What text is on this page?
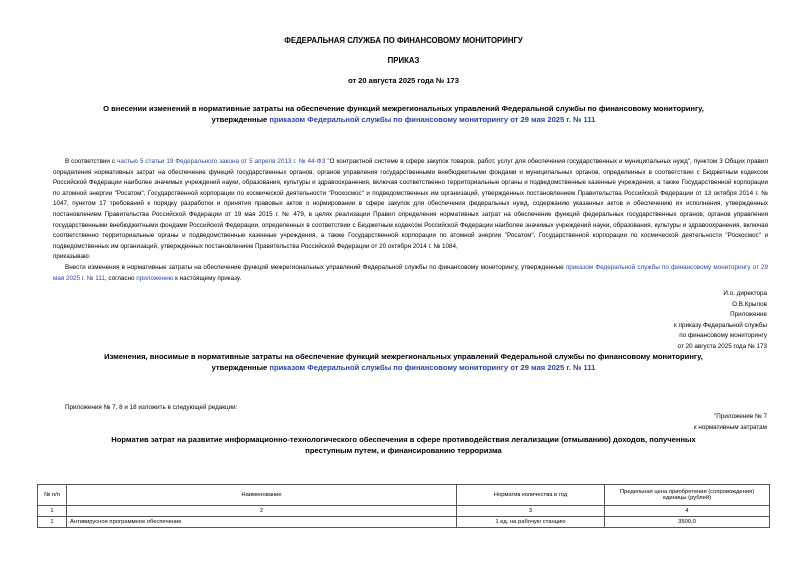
ФЕДЕРАЛЬНАЯ СЛУЖБА ПО ФИНАНСОВОМУ МОНИТОРИНГУ
ПРИКАЗ
от 20 августа 2025 года № 173
О внесении изменений в нормативные затраты на обеспечение функций межрегиональных управлений Федеральной службы по финансовому мониторингу,
утвержденные приказом Федеральной службы по финансовому мониторингу от 29 мая 2025 г. № 111

В соответствии с частью 5 статьи 19 Федерального закона от 5 апреля 2013 г. № 44-ФЗ "О контрактной системе в сфере закупок товаров, работ, услуг для обеспечения государственных и муниципальных нужд", пунктом 3 Общих правил определения нормативных затрат на обеспечение функций государственных органов, органов управления государственными внебюджетными фондами и муниципальных органов, определенных в соответствии с Бюджетным кодексом Российской Федерации наиболее значимых учреждений науки, образования, культуры и здравоохранения, включая соответственно территориальные органы и подведомственные казенные учреждения, а также Государственной корпорации по атомной энергии "Росатом", Государственной корпорации по космической деятельности "Роскосмос" и подведомственных им организаций, утвержденных постановлением Правительства Российской Федерации от 13 октября 2014 г. № 1047, пунктом 17 требований к порядку разработки и принятия правовых актов о нормировании в сфере закупок для обеспечения федеральных нужд, содержанию указанных актов и обеспечению их исполнения, утвержденных постановлением Правительства Российской Федерации от 19 мая 2015 г. № 479, в целях реализации Правил определения нормативных затрат на обеспечение функций федеральных государственных органов, органов управления государственными внебюджетными фондами Российской Федерации, определенных в соответствии с Бюджетным кодексом Российской Федерации наиболее значимых учреждений науки, образования, культуры и здравоохранения, включая соответственно территориальные органы и подведомственные казенные учреждения, а также Государственной корпорации по атомной энергии "Росатом", Государственной корпорации по космической деятельности "Роскосмос" и подведомственных им организаций, утвержденных постановлением Правительства Российской Федерации от 20 октября 2014 г. № 1084,

приказываю:

Внести изменения в нормативные затраты на обеспечение функций межрегиональных управлений Федеральной службы по финансовому мониторингу, утвержденные приказом Федеральной службы по финансовому мониторингу от 29 мая 2025 г. № 111, согласно приложению к настоящему приказу.

И.о. директора
О.В.Крылов
Приложение
к приказу Федеральной службы
по финансовому мониторингу
от 20 августа 2025 года № 173
Изменения, вносимые в нормативные затраты на обеспечение функций межрегиональных управлений Федеральной службы по финансовому мониторингу,
утвержденные приказом Федеральной службы по финансовому мониторингу от 29 мая 2025 г. № 111
Приложения № 7, 8 и 18 изложить в следующей редакции:
"Приложение № 7
к нормативным затратам
Норматив затрат на развитие информационно-технологического обеспечения в сфере противодействия легализации (отмыванию) доходов, полученных
преступным путем, и финансированию терроризма
№ п/п	Наименование	Норматив количества в год	Предельная цена приобретения (сопровождения) единицы (рублей)
1	2	3	4
1	Антивирусное программное обеспечение	1 ед. на рабочую станцию	3500,0
